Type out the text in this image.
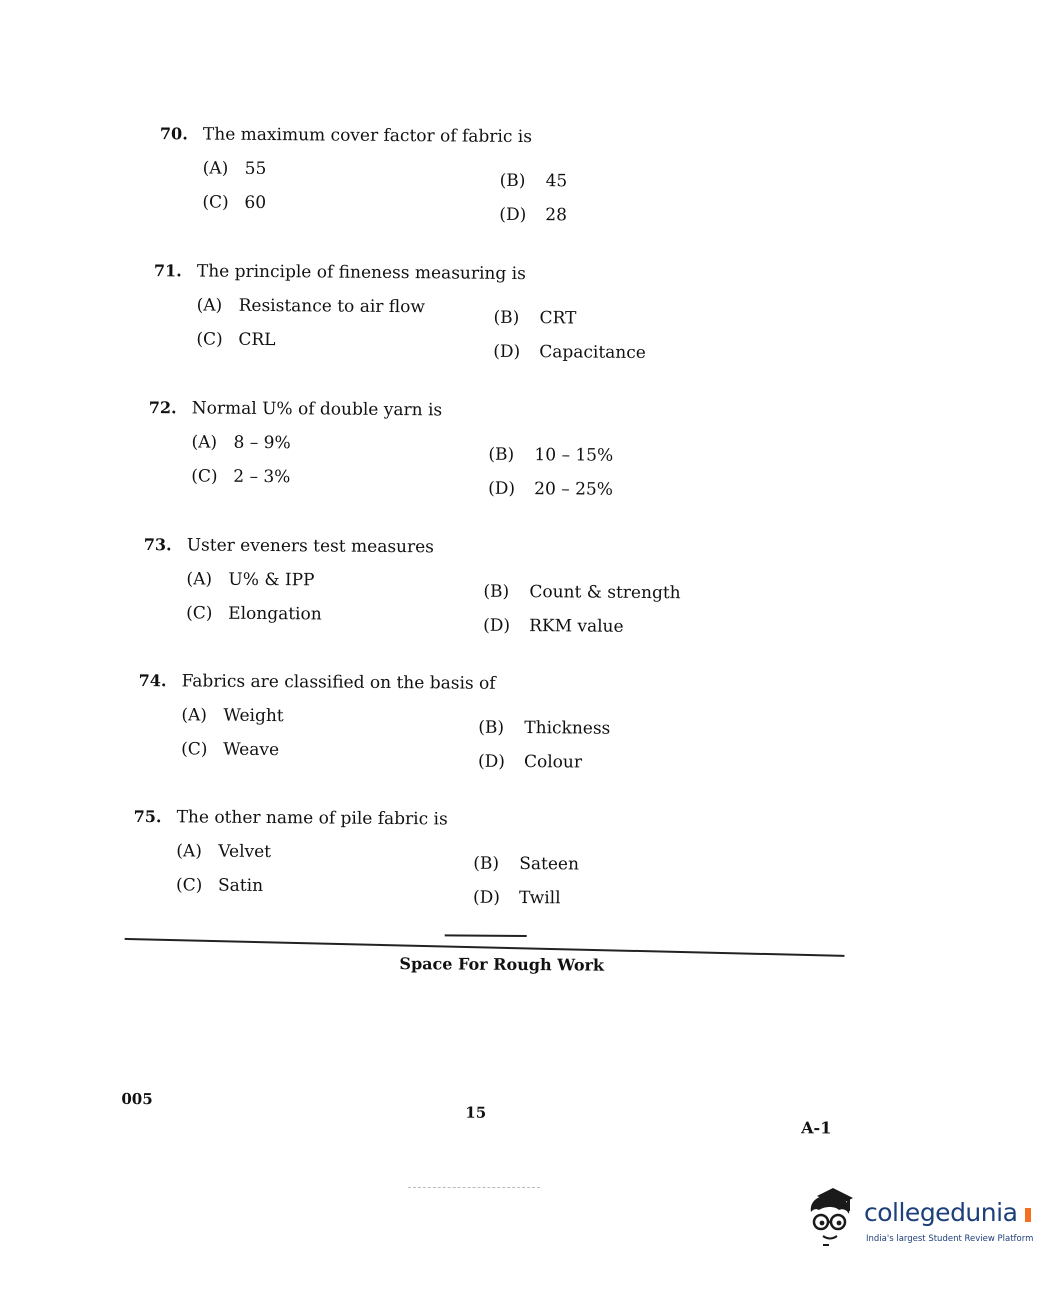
70. The maximum cover factor of fabric is
(A) 55
(B) 45
(C) 60
(D) 28
71. The principle of fineness measuring is
(A) Resistance to air flow
(B) CRT
(C) CRL
(D) Capacitance
72. Normal U% of double yarn is
(A) 8 – 9%
(B) 10 – 15%
(C) 2 – 3%
(D) 20 – 25%
73. Uster eveners test measures
(A) U% & IPP
(B) Count & strength
(C) Elongation
(D) RKM value
74. Fabrics are classified on the basis of
(A) Weight
(B) Thickness
(C) Weave
(D) Colour
75. The other name of pile fabric is
(A) Velvet
(B) Sateen
(C) Satin
(D) Twill
Space For Rough Work
005
15
A-1
collegedunia
India's largest Student Review Platform
